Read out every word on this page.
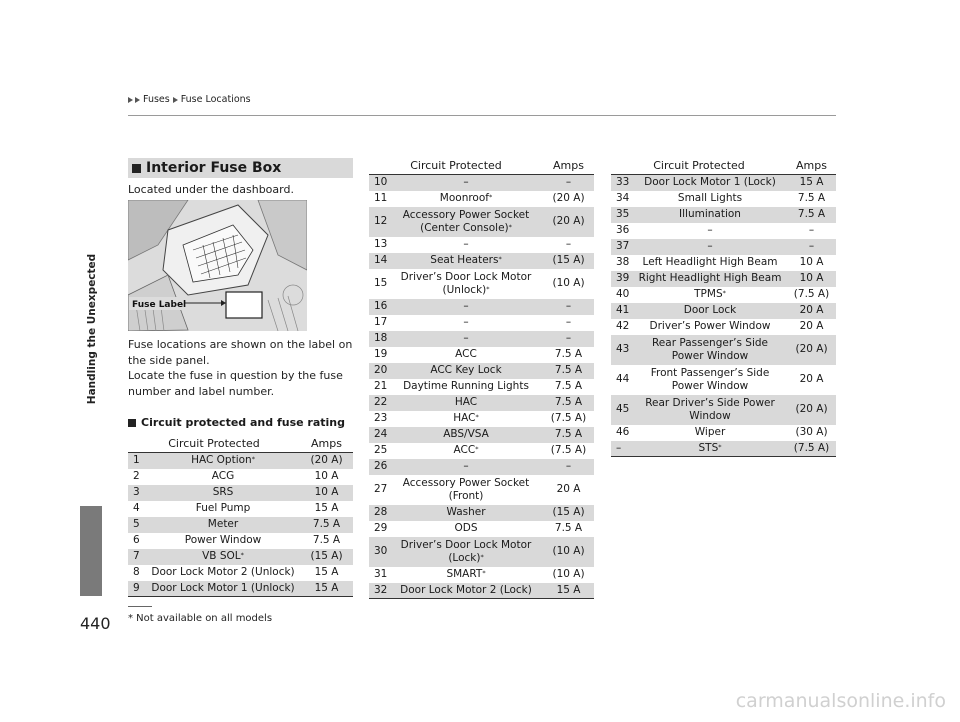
Fuses Fuse Locations
Handling the Unexpected
Interior Fuse Box
Located under the dashboard.
Fuse Label
Fuse locations are shown on the label on
the side panel.
Locate the fuse in question by the fuse
number and label number.
Circuit protected and fuse rating
Circuit Protected		Amps
1	HAC Option*	(20 A)
2	ACG	10 A
3	SRS	10 A
4	Fuel Pump	15 A
5	Meter	7.5 A
6	Power Window	7.5 A
7	VB SOL*	(15 A)
8	Door Lock Motor 2 (Unlock)	15 A
9	Door Lock Motor 1 (Unlock)	15 A
Circuit Protected		Amps
10	–	–
11	Moonroof*	(20 A)
12	Accessory Power Socket
(Center Console)*	(20 A)
13	–	–
14	Seat Heaters*	(15 A)
15	Driver’s Door Lock Motor
(Unlock)*	(10 A)
16	–	–
17	–	–
18	–	–
19	ACC	7.5 A
20	ACC Key Lock	7.5 A
21	Daytime Running Lights	7.5 A
22	HAC	7.5 A
23	HAC*	(7.5 A)
24	ABS/VSA	7.5 A
25	ACC*	(7.5 A)
26	–	–
27	Accessory Power Socket
(Front)	20 A
28	Washer	(15 A)
29	ODS	7.5 A
30	Driver’s Door Lock Motor
(Lock)*	(10 A)
31	SMART*	(10 A)
32	Door Lock Motor 2 (Lock)	15 A
Circuit Protected		Amps
33	Door Lock Motor 1 (Lock)	15 A
34	Small Lights	7.5 A
35	Illumination	7.5 A
36	–	–
37	–	–
38	Left Headlight High Beam	10 A
39	Right Headlight High Beam	10 A
40	TPMS*	(7.5 A)
41	Door Lock	20 A
42	Driver’s Power Window	20 A
43	Rear Passenger’s Side
Power Window	(20 A)
44	Front Passenger’s Side
Power Window	20 A
45	Rear Driver’s Side Power
Window	(20 A)
46	Wiper	(30 A)
–	STS*	(7.5 A)
440 * Not available on all models
carmanualsonline.info
